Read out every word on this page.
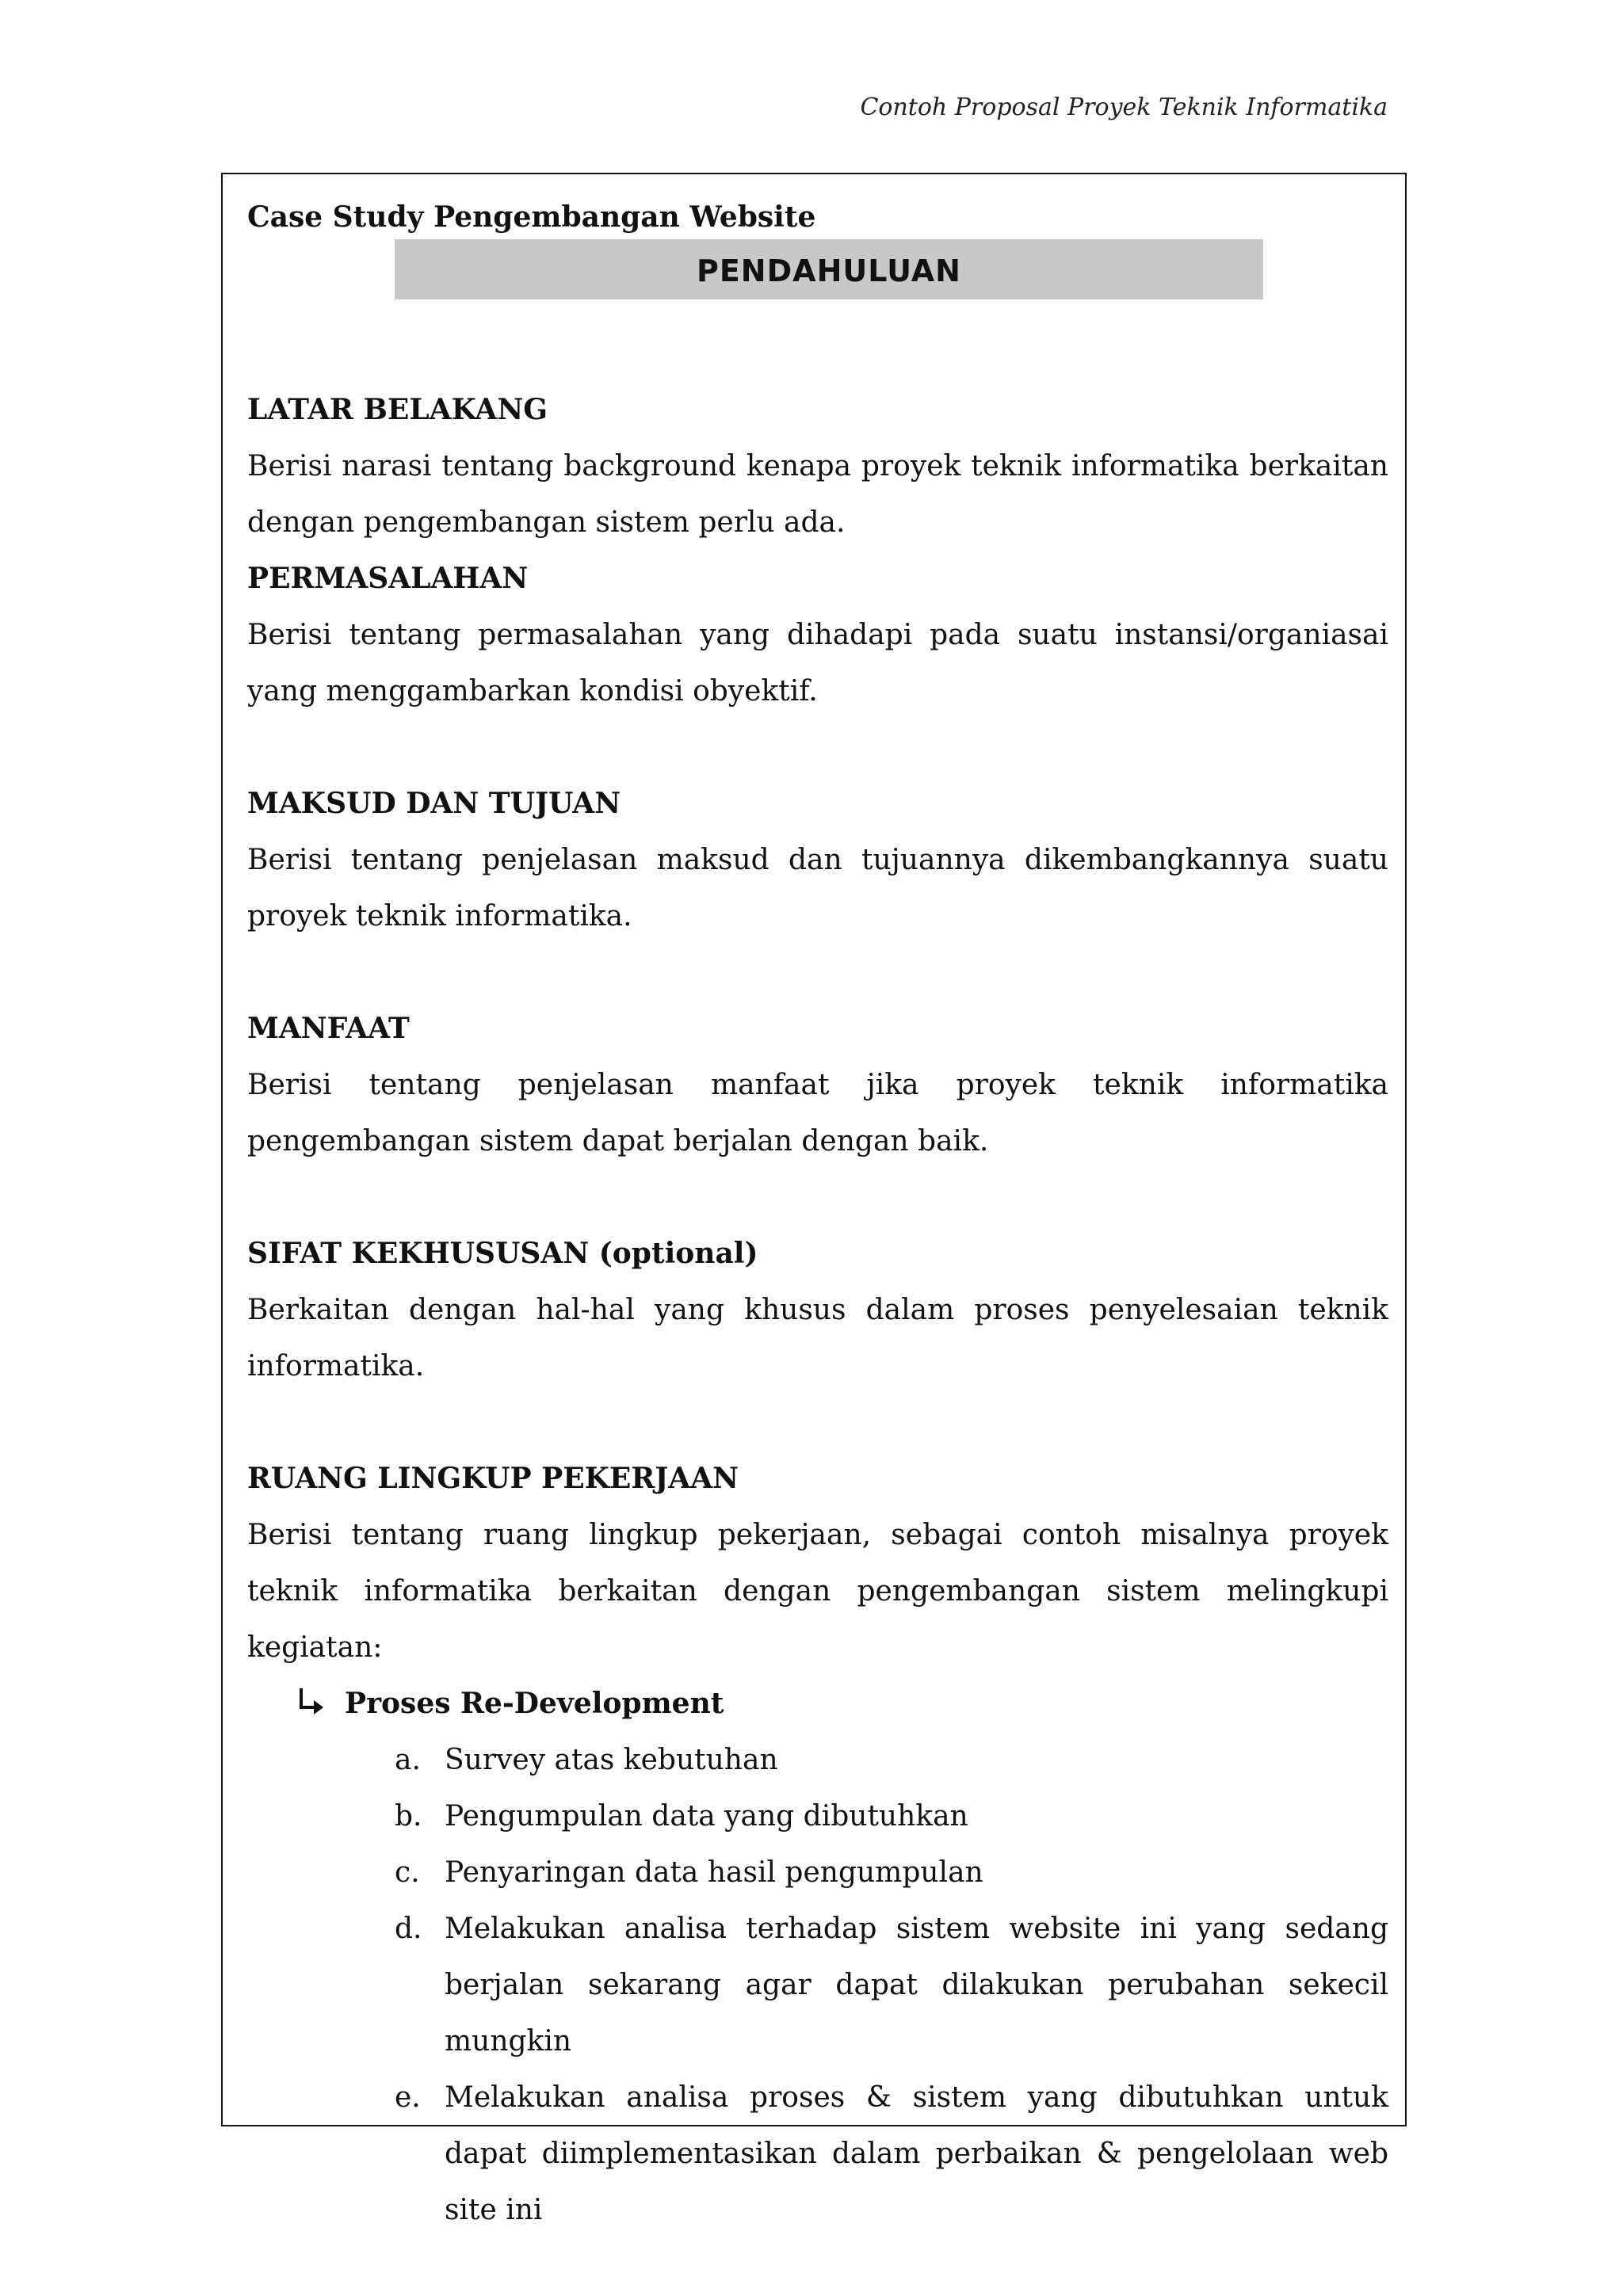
Contoh Proposal Proyek Teknik Informatika
Case Study Pengembangan Website
PENDAHULUAN
LATAR BELAKANG

Berisi narasi tentang background kenapa proyek teknik informatika berkaitan dengan pengembangan sistem perlu ada.

PERMASALAHAN

Berisi tentang permasalahan yang dihadapi pada suatu instansi/organiasai yang menggambarkan kondisi obyektif.

MAKSUD DAN TUJUAN

Berisi tentang penjelasan maksud dan tujuannya dikembangkannya suatu proyek teknik informatika.

MANFAAT

Berisi tentang penjelasan manfaat jika proyek teknik informatika pengembangan sistem dapat berjalan dengan baik.

SIFAT KEKHUSUSAN (optional)

Berkaitan dengan hal-hal yang khusus dalam proses penyelesaian teknik informatika.

RUANG LINGKUP PEKERJAAN

Berisi tentang ruang lingkup pekerjaan, sebagai contoh misalnya proyek teknik informatika berkaitan dengan pengembangan sistem melingkupi kegiatan:

Proses Re-Development
a. Survey atas kebutuhan
b. Pengumpulan data yang dibutuhkan
c. Penyaringan data hasil pengumpulan
d. Melakukan analisa terhadap sistem website ini yang sedang berjalan sekarang agar dapat dilakukan perubahan sekecil mungkin
e. Melakukan analisa proses & sistem yang dibutuhkan untuk dapat diimplementasikan dalam perbaikan & pengelolaan web site ini
